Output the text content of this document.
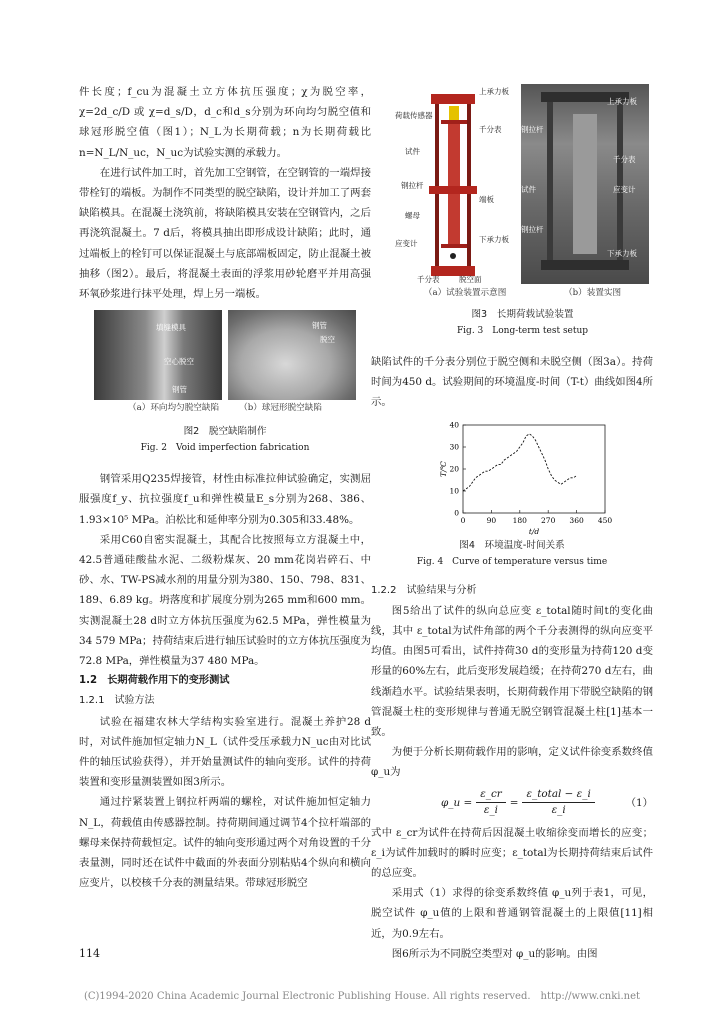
件长度；f_cu为混凝土立方体抗压强度；χ为脱空率，χ=2d_c/D 或 χ=d_s/D，d_c和d_s分别为环向均匀脱空值和球冠形脱空值（图1）；N_L为长期荷载；n为长期荷载比 n=N_L/N_uc，N_uc为试验实测的承载力。

在进行试件加工时，首先加工空钢管，在空钢管的一端焊接带栓钉的端板。为制作不同类型的脱空缺陷，设计并加工了两套缺陷模具。在混凝土浇筑前，将缺陷模具安装在空钢管内，之后再浇筑混凝土。7 d后，将模具抽出即形成设计缺陷；此时，通过端板上的栓钉可以保证混凝土与底部端板固定，防止混凝土被抽移（图2）。最后，将混凝土表面的浮浆用砂轮磨平并用高强环氧砂浆进行抹平处理，焊上另一端板。

填缝模具
空心脱空
钢管
钢管
脱空
（a）环向均匀脱空缺陷 （b）球冠形脱空缺陷
图2　脱空缺陷制作
Fig. 2　Void imperfection fabrication

钢管采用Q235焊接管，材性由标准拉伸试验确定，实测屈服强度f_y、抗拉强度f_u和弹性模量E_s分别为268、386、1.93×10⁵ MPa。泊松比和延伸率分别为0.305和33.48%。

采用C60自密实混凝土，其配合比按照每立方混凝土中，42.5普通硅酸盐水泥、二级粉煤灰、20 mm花岗岩碎石、中砂、水、TW-PS减水剂的用量分别为380、150、798、831、189、6.89 kg。坍落度和扩展度分别为265 mm和600 mm。实测混凝土28 d时立方体抗压强度为62.5 MPa，弹性模量为34 579 MPa；持荷结束后进行轴压试验时的立方体抗压强度为72.8 MPa，弹性模量为37 480 MPa。

1.2　长期荷载作用下的变形测试

1.2.1　试验方法

试验在福建农林大学结构实验室进行。混凝土养护28 d时，对试件施加恒定轴力N_L（试件受压承载力N_uc由对比试件的轴压试验获得），并开始量测试件的轴向变形。试件的持荷装置和变形量测装置如图3所示。

通过拧紧装置上钢拉杆两端的螺栓，对试件施加恒定轴力N_L，荷载值由传感器控制。持荷期间通过调节4个拉杆端部的螺母来保持荷载恒定。试件的轴向变形通过两个对角设置的千分表量测，同时还在试件中截面的外表面分别粘贴4个纵向和横向应变片，以校核千分表的测量结果。带球冠形脱空

上承力板
荷载传感器
千分表
试件
钢拉杆
端板
螺母
下承力板
应变计
千分表	脱空面
上承力板
钢拉杆
千分表
应变计
试件
钢拉杆
下承力板
（a）试验装置示意图	（b）装置实图
图3　长期荷载试验装置
Fig. 3　Long-term test setup

缺陷试件的千分表分别位于脱空侧和未脱空侧（图3a）。持荷时间为450 d。试验期间的环境温度-时间（T-t）曲线如图4所示。

0	90 180 270 360 450
0
10
20
30
40
t/d
T/℃
图4　环境温度-时间关系
Fig. 4　Curve of temperature versus time

1.2.2　试验结果与分析

图5给出了试件的纵向总应变 ε_total随时间t的变化曲线，其中 ε_total为试件角部的两个千分表测得的纵向应变平均值。由图5可看出，试件持荷30 d的变形量为持荷120 d变形量的60%左右，此后变形发展趋缓；在持荷270 d左右，曲线渐趋水平。试验结果表明，长期荷载作用下带脱空缺陷的钢管混凝土柱的变形规律与普通无脱空钢管混凝土柱[1]基本一致。

为便于分析长期荷载作用的影响，定义试件徐变系数终值 φ_u为

φ_u = $\frac{\varepsilon\_cr}{\varepsilon\_i} = \frac{\text{ε\_total − ε\_i}}{\varepsilon\_i}$	（1）

式中 ε_cr为试件在持荷后因混凝土收缩徐变而增长的应变；ε_i为试件加载时的瞬时应变；ε_total为长期持荷结束后试件的总应变。

采用式（1）求得的徐变系数终值 φ_u列于表1，可见，脱空试件 φ_u值的上限和普通钢管混凝土的上限值[11]相近，为0.9左右。

图6所示为不同脱空类型对 φ_u的影响。由图

114
(C)1994-2020 China Academic Journal Electronic Publishing House. All rights reserved.　http://www.cnki.net
